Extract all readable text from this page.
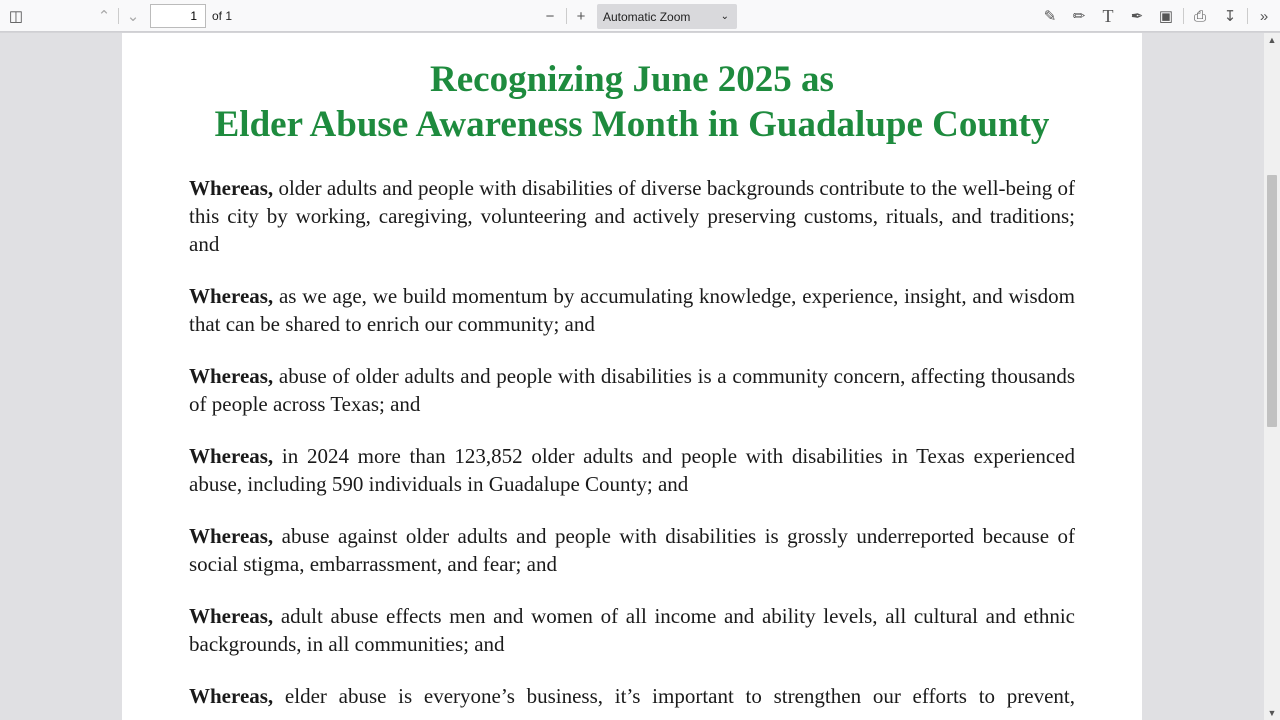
◫	⌃ ⌄
1	of 1	−	+	Automatic Zoom	⌄	✎ ✏ T	✒ ▣ ⎙ ↧	»
Recognizing June 2025 as
Elder Abuse Awareness Month in Guadalupe County
Whereas, older adults and people with disabilities of diverse backgrounds contribute to the well-being of this city by working, caregiving, volunteering and actively preserving customs, rituals, and traditions; and
Whereas, as we age, we build momentum by accumulating knowledge, experience, insight, and wisdom that can be shared to enrich our community; and
Whereas, abuse of older adults and people with disabilities is a community concern, affecting thousands of people across Texas; and
Whereas, in 2024 more than 123,852 older adults and people with disabilities in Texas experienced abuse, including 590 individuals in Guadalupe County; and
Whereas, abuse against older adults and people with disabilities is grossly underreported because of social stigma, embarrassment, and fear; and
Whereas, adult abuse effects men and women of all income and ability levels, all cultural and ethnic backgrounds, in all communities; and
Whereas, elder abuse is everyone’s business, it’s important to strengthen our efforts to prevent,
▲
▼
